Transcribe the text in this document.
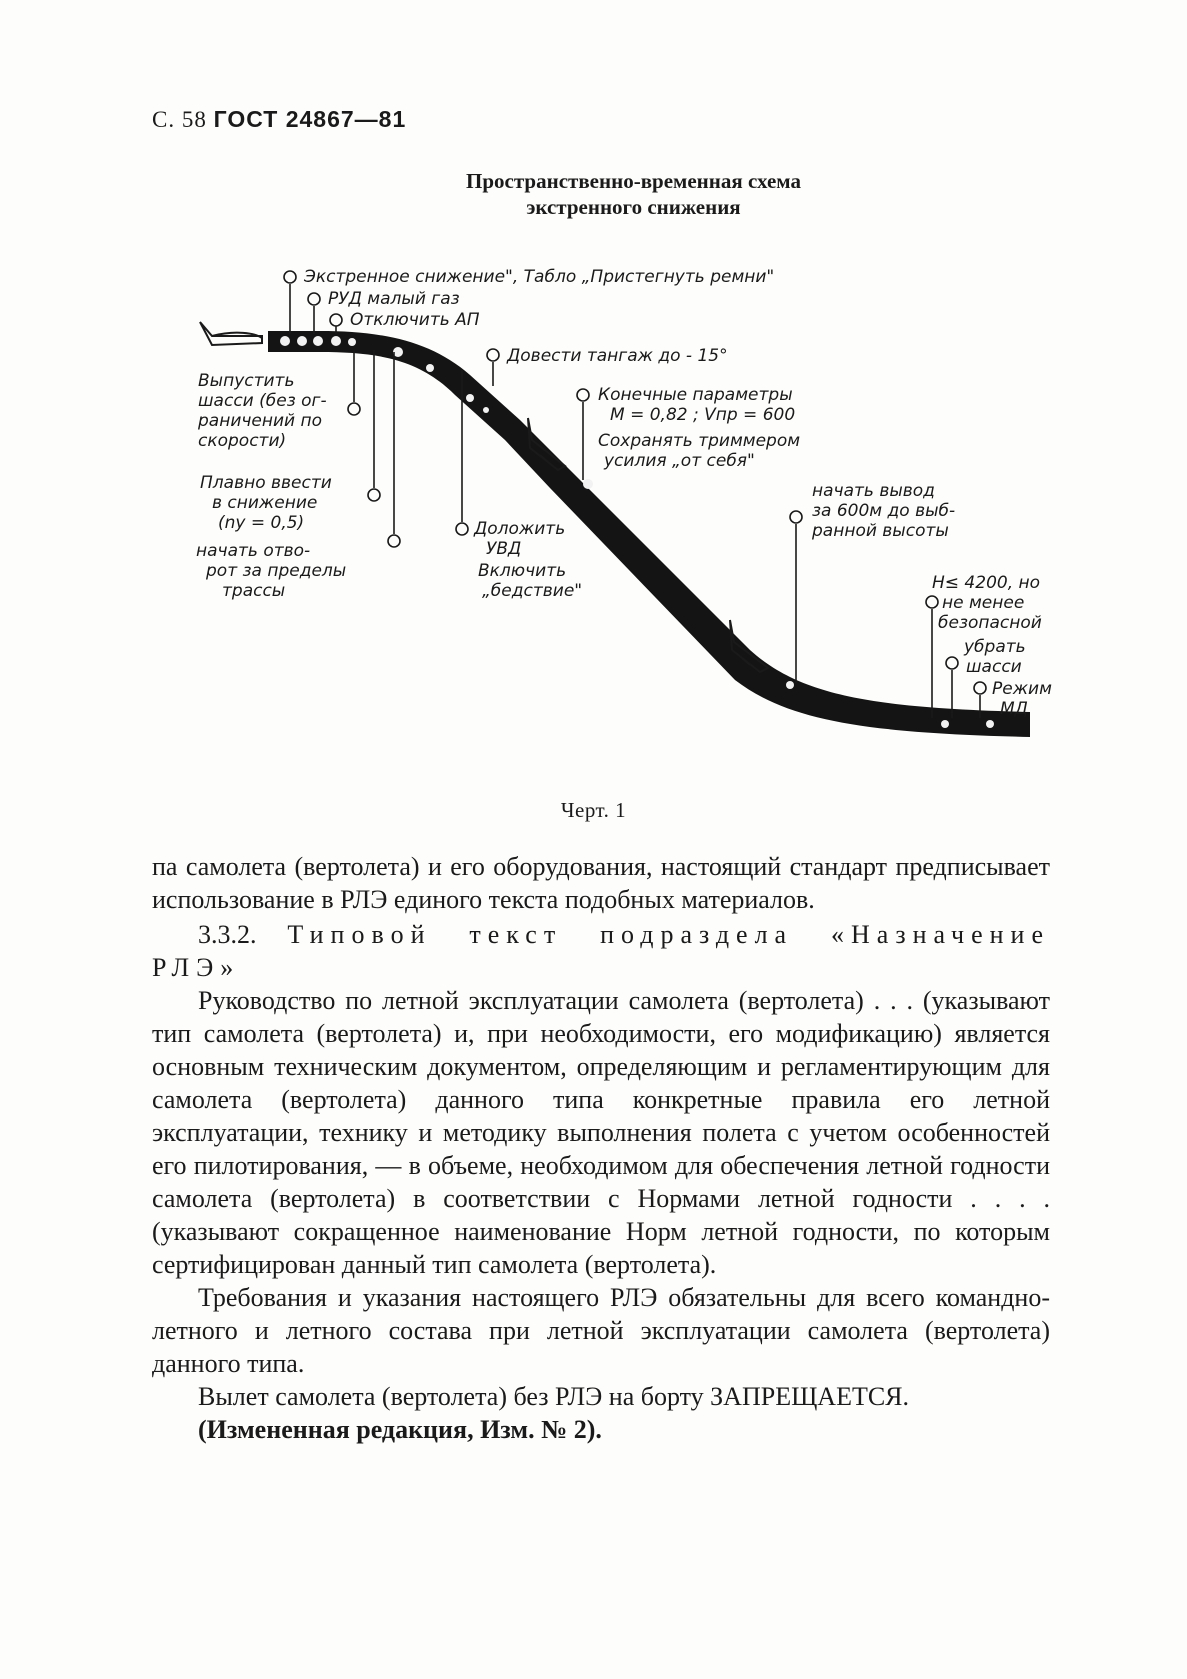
С. 58 ГОСТ 24867—81
Пространственно-временная схема
экстренного снижения
Экстренное снижение", Табло „Пристегнуть ремни"
РУД малый газ
Отключить АП
Довести тангаж до - 15°
Конечные параметры
M = 0,82 ; Vпр = 600
Сохранять триммером
усилия „от себя"
Выпустить
шасси (без ог-
раничений по
скорости)
Плавно ввести
в снижение
(nу = 0,5)
начать отво-
рот за пределы
трассы
Доложить
УВД
Включить
„бедствие"
начать вывод
за 600м до выб-
ранной высоты
H≤ 4200, но
не менее
безопасной
убрать
шасси
Режим
МД
Черт. 1

па самолета (вертолета) и его оборудования, настоящий стандарт предписывает использование в РЛЭ единого текста подобных материалов.

3.3.2. Типовой текст подраздела «Назначение РЛЭ»

Руководство по летной эксплуатации самолета (вертолета) . . . (указывают тип самолета (вертолета) и, при необходимости, его модификацию) является основным техническим документом, определяющим и регламентирующим для самолета (вертолета) данного типа конкретные правила его летной эксплуатации, технику и методику выполнения полета с учетом особенностей его пилотирования, — в объеме, необходимом для обеспечения летной годности самолета (вертолета) в соответствии с Нормами летной годности . . . . (указывают сокращенное наименование Норм летной годности, по которым сертифицирован данный тип самолета (вертолета).

Требования и указания настоящего РЛЭ обязательны для всего командно-летного и летного состава при летной эксплуатации самолета (вертолета) данного типа.

Вылет самолета (вертолета) без РЛЭ на борту ЗАПРЕЩАЕТСЯ.

(Измененная редакция, Изм. № 2).
